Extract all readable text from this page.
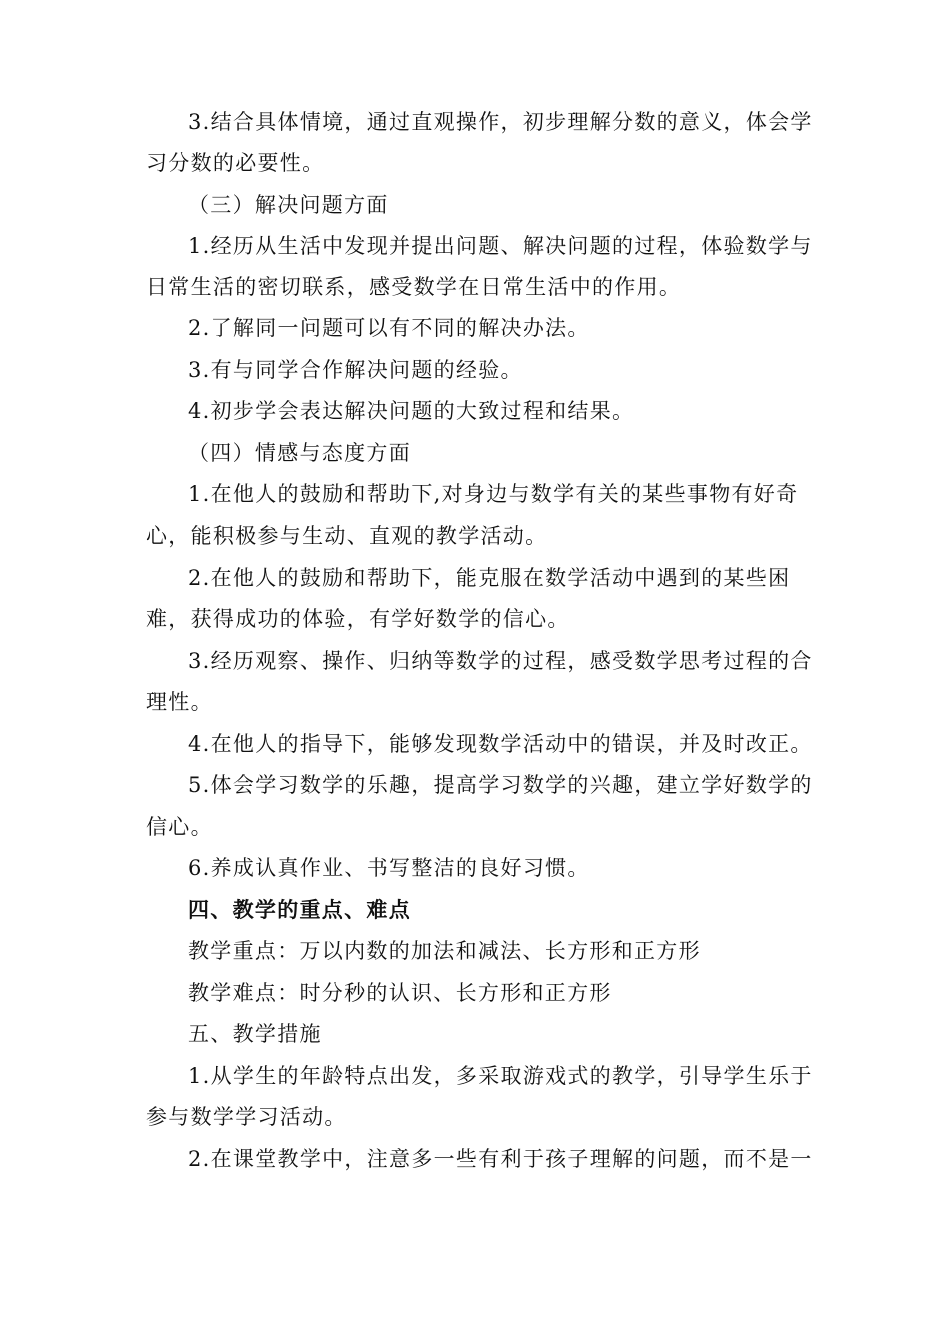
3.结合具体情境，通过直观操作，初步理解分数的意义，体会学
习分数的必要性。
（三）解决问题方面
1.经历从生活中发现并提出问题、解决问题的过程，体验数学与
日常生活的密切联系，感受数学在日常生活中的作用。
2.了解同一问题可以有不同的解决办法。
3.有与同学合作解决问题的经验。
4.初步学会表达解决问题的大致过程和结果。
（四）情感与态度方面
1.在他人的鼓励和帮助下,对身边与数学有关的某些事物有好奇
心，能积极参与生动、直观的教学活动。
2.在他人的鼓励和帮助下，能克服在数学活动中遇到的某些困
难，获得成功的体验，有学好数学的信心。
3.经历观察、操作、归纳等数学的过程，感受数学思考过程的合
理性。
4.在他人的指导下，能够发现数学活动中的错误，并及时改正。
5.体会学习数学的乐趣，提高学习数学的兴趣，建立学好数学的
信心。
6.养成认真作业、书写整洁的良好习惯。
四、教学的重点、难点
教学重点：万以内数的加法和减法、长方形和正方形
教学难点：时分秒的认识、长方形和正方形
五、教学措施
1.从学生的年龄特点出发，多采取游戏式的教学，引导学生乐于
参与数学学习活动。
2.在课堂教学中，注意多一些有利于孩子理解的问题，而不是一
